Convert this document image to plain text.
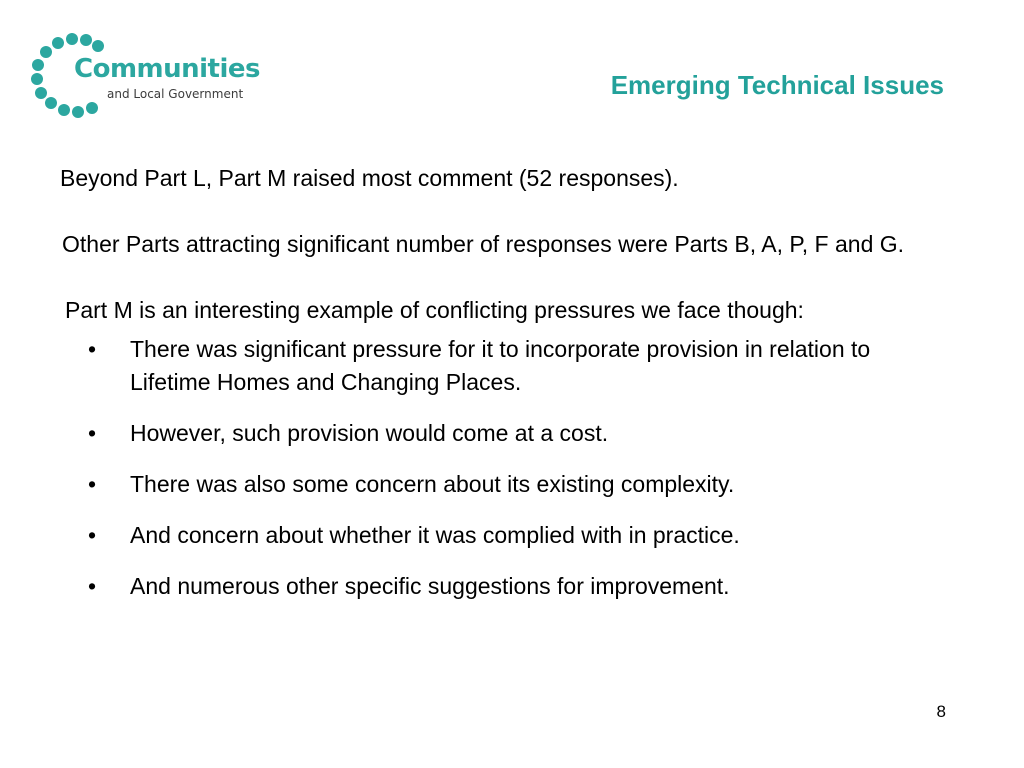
Communities
and Local Government	Emerging Technical Issues

Beyond Part L, Part M raised most comment (52 responses).

Other Parts attracting significant number of responses were Parts B, A, P, F and G.

Part M is an interesting example of conflicting pressures we face though:

• There was significant pressure for it to incorporate provision in relation to Lifetime Homes and Changing Places.
• However, such provision would come at a cost.
• There was also some concern about its existing complexity.
• And concern about whether it was complied with in practice.
• And numerous other specific suggestions for improvement.
8
